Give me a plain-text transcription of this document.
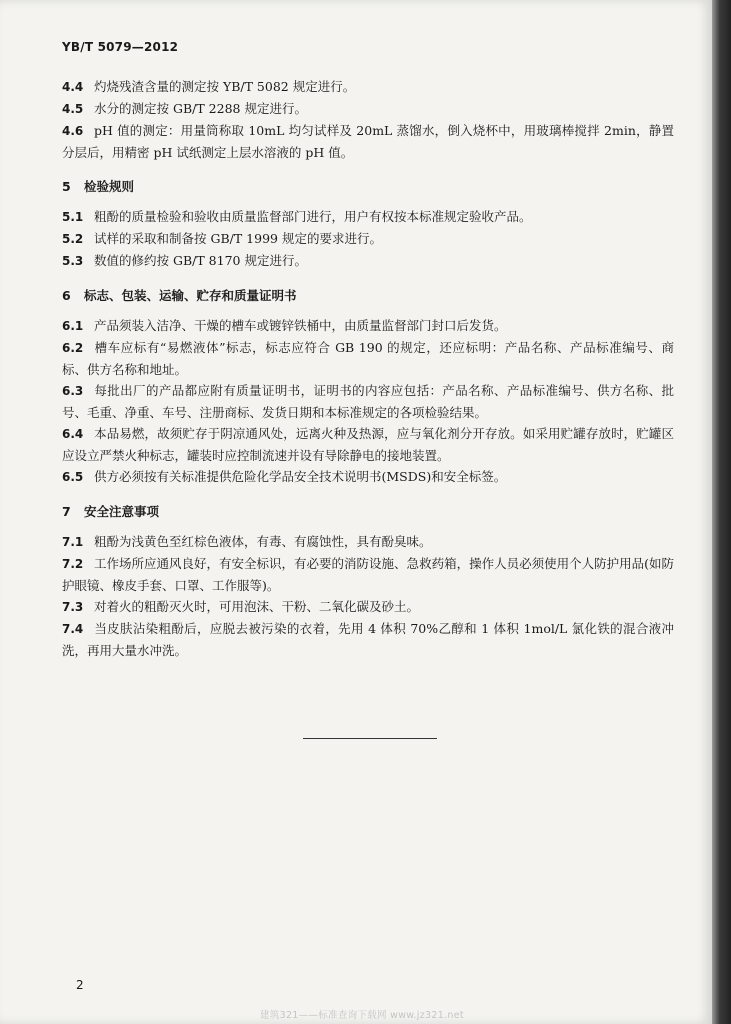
YB/T 5079—2012

4.4 灼烧残渣含量的测定按 YB/T 5082 规定进行。

4.5 水分的测定按 GB/T 2288 规定进行。

4.6 pH 值的测定：用量筒称取 10mL 均匀试样及 20mL 蒸馏水，倒入烧杯中，用玻璃棒搅拌 2min，静置分层后，用精密 pH 试纸测定上层水溶液的 pH 值。

5 检验规则

5.1 粗酚的质量检验和验收由质量监督部门进行，用户有权按本标准规定验收产品。

5.2 试样的采取和制备按 GB/T 1999 规定的要求进行。

5.3 数值的修约按 GB/T 8170 规定进行。

6 标志、包装、运输、贮存和质量证明书

6.1 产品须装入洁净、干燥的槽车或镀锌铁桶中，由质量监督部门封口后发货。

6.2 槽车应标有“易燃液体”标志，标志应符合 GB 190 的规定，还应标明：产品名称、产品标准编号、商标、供方名称和地址。

6.3 每批出厂的产品都应附有质量证明书，证明书的内容应包括：产品名称、产品标准编号、供方名称、批号、毛重、净重、车号、注册商标、发货日期和本标准规定的各项检验结果。

6.4 本品易燃，故须贮存于阴凉通风处，远离火种及热源，应与氧化剂分开存放。如采用贮罐存放时，贮罐区应设立严禁火种标志，罐装时应控制流速并设有导除静电的接地装置。

6.5 供方必须按有关标准提供危险化学品安全技术说明书(MSDS)和安全标签。

7 安全注意事项

7.1 粗酚为浅黄色至红棕色液体，有毒、有腐蚀性，具有酚臭味。

7.2 工作场所应通风良好，有安全标识，有必要的消防设施、急救药箱，操作人员必须使用个人防护用品(如防护眼镜、橡皮手套、口罩、工作服等)。

7.3 对着火的粗酚灭火时，可用泡沫、干粉、二氧化碳及砂土。

7.4 当皮肤沾染粗酚后，应脱去被污染的衣着，先用 4 体积 70%乙醇和 1 体积 1mol/L 氯化铁的混合液冲洗，再用大量水冲洗。

2
建筑321——标准查询下载网 www.jz321.net
